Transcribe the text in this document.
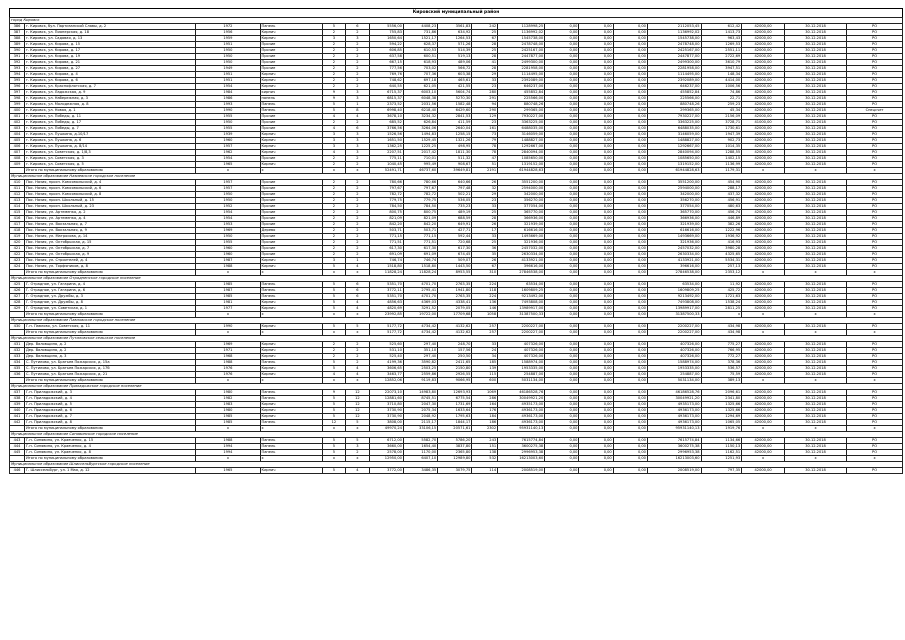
Кировский муниципальный район
город Кировск																		
386	г. Кировск, бул. Партизанской Славы, д. 2	1972	Панель	5	6	5556,00	4408,23	3561,83	242	1128998,25	0,00	0,00	0,00	2112053,45	612,42	42000,00	30.12.2018	РО
387	г. Кировск, ул. Пионерская, д. 18	1956	Кирпич	2	2	755,83	731,86	634,92	25	1136992,02	0,00	0,00	0,00	1136992,02	1413,73	42000,00	30.12.2018	РО
388	г. Кировск, ул. Садовая, д. 13	1959	Кирпич	3	3	1650,64	1521,17	1264,53	67	1545738,00	0,00	0,00	0,00	1545738,00	963,43	42000,00	30.12.2018	РО
389	г. Кировск, ул. Кирова, д. 15	1951	Прочие	2	2	594,22	628,37	571,26	28	2478748,00	0,00	0,00	0,00	2478748,00	1269,53	42000,00	30.12.2018	РО
390	г. Кировск, ул. Кирова, д. 17	1950	Прочие	2	2	606,85	610,53	514,39	25	2425167,00	0,00	0,00	0,00	2425167,00	2551,11	42000,00	30.12.2018	РО
391	г. Кировск, ул. Кирова, д. 19	1950	Прочие	2	2	637,58	600,51	519,13	28	2447877,00	0,00	0,00	0,00	2447877,00	2722,69	42000,00	30.12.2018	РО
392	г. Кировск, ул. Кирова, д. 21	1950	Прочие	2	2	667,15	618,93	489,06	41	2499300,00	0,00	0,00	0,00	2499300,00	3610,79	42000,00	30.12.2018	РО
393	г. Кировск, ул. Кирова, д. 27	1949	Прочие	2	2	777,56	703,02	566,72	28	2281958,00	0,00	0,00	0,00	2281958,00	3947,51	42000,00	30.12.2018	РО
394	г. Кировск, ул. Кирова, д. 4	1951	Кирпич	2	2	769,76	707,36	603,38	29	1114495,00	0,00	0,00	0,00	1114495,00	148,34	42000,00	30.12.2018	РО
395	г. Кировск, ул. Кирова, д. 6	1951	Кирпич	2	2	748,62	697,18	465,61	33	2392089,00	0,00	0,00	0,00	2392089,00	4414,00	42000,00	30.12.2018	РО
396	г. Кировск, ул. Краснофлотская, д. 7	1954	Кирпич	2	2	640,55	621,05	421,55	23	646237,00	0,00	0,00	0,00	646237,00	1006,56	42000,00	30.12.2018	РО
397	г. Кировск, ул. Ладожская, д. 9	1984	кирпич	9	3	6715,37	6003,10	5604,74	280	455852,84	0,00	0,00	0,00	455852,84	74,86	42000,00	30.12.2018	РО
398	г. Кировск, ул. Набережная, д. 3	1986	панель	9	3	6815,37	6048,38	5270,30	291	225566,00	0,00	0,00	0,00	225566,00	22,71	42000,00	30.12.2018	РО
399	г. Кировск, ул. Молодежная, д. 8	1993	Панель	5	1	2373,52	2031,56	1582,48	94	880748,26	0,00	0,00	0,00	880748,26	259,23	42000,00	30.12.2018	РО
400	г. Кировск, ул. Новая, д. 1	1990	Панель	5	8	6998,40	6218,40	6429,60	290	299365,00	0,00	0,00	0,00	299365,00	45,34	42000,00	30.12.2018	Спецсчет
401	г. Кировск, ул. Победы, д. 11	1955	Прочие	4	4	3678,10	3234,32	2841,53	129	7930227,00	0,00	0,00	0,00	7930227,00	2156,09	42000,00	30.12.2018	РО
402	г. Кировск, ул. Победы, д. 17	1950	Прочие	2	2	685,52	626,84	411,59	23	3363225,00	0,00	0,00	0,00	3363225,00	3728,71	41000,00	30.12.2018	РО
403	г. Кировск, ул. Победы, д. 7	1955	Прочие	4	6	3766,56	3264,06	2640,04	161	6488035,00	0,00	0,00	0,00	6488035,00	1730,61	42000,00	30.12.2018	РО
404	г. Кировск, ул. Пушкина, д.10/17	1939	Кирпич	3	3	1526,56	1494,83	1258,15	73	3146059,00	0,00	0,00	0,00	3146059,00	1947,39	42000,00	30.12.2018	РО
405	г. Кировск, ул. Пушкина, д. 6	1960	Кирпич	3	3	1651,50	1529,45	1321,26	79	1488827,00	0,00	0,00	0,00	1488827,00	902,73	42000,00	30.12.2018	РО
406	г. Кировск, ул. Пушкина, д. 8/14	1957	Кирпич	3	3	1362,25	1225,25	498,95	78	1292667,00	0,00	0,00	0,00	1292667,00	1014,35	42000,00	30.12.2018	РО
407	г. Кировск, ул. Советская, д. 1/8,3	1962	Кирпич	4	3	2207,51	2017,42	1811,30	78	2840094,00	0,00	0,00	0,00	2840094,00	1288,55	42000,00	30.12.2018	РО
408	г. Кировск, ул. Советская, д. 3	1954	Прочие	2	2	775,11	710,01	511,32	47	1085650,00	0,00	0,00	0,00	1085650,00	1402,15	42000,00	30.12.2018	РО
409	г. Кировск, ул. Советская, д. 5	1965	Кирпич	2	2	1040,45	995,49	908,67	51	1319152,00	0,00	0,00	0,00	1319152,00	1136,99	42000,00	30.12.2018	РО
	Итого по муниципальному образованию	x	x	x	x	52491,71	46737,60	39649,81	2191	61944828,63	0,00	0,00	0,00	61944828,63	1179,31	x	x	x
Муниципальное образование Назиевское городское поселение																		
410	Пос. Назия, просп. Комсомольский, д. 4	1957	Прочие	2	2	780,66	780,66	640,66	26	3551200,00	0,00	0,00	0,00	3551200,00	454,90	42000,00	30.12.2018	РО
411	Пос. Назия, просп. Комсомольский, д. 6	1957	Прочие	2	2	797,67	797,67	797,48	32	2594000,00	0,00	0,00	0,00	2594000,00	288,17	42000,00	30.12.2018	РО
412	Пос. Назия, просп. Комсомольский, д. 8	1950	Прочие	2	2	782,72	782,72	502,21	29	342000,00	0,00	0,00	0,00	342000,00	437,32	42000,00	30.12.2018	РО
413	Пос. Назия, просп. Школьный, д. 15	1950	Прочие	2	2	779,75	779,75	536,05	23	356270,00	0,00	0,00	0,00	356270,00	456,91	42000,00	30.12.2018	РО
414	Пос. Назия, просп. Школьный, д. 23	1952	Прочие	2	2	784,50	784,50	735,23	33	377054,00	0,00	0,00	0,00	377054,00	480,63	42000,00	30.12.2018	РО
415	Пос. Назия, ул. Артеменко, д. 2	1954	Прочие	2	2	800,75	800,75	489,19	25	365770,00	0,00	0,00	0,00	365770,00	456,74	42000,00	30.12.2018	РО
416	Пос. Назия, ул. Артеменко, д. 4	1954	Прочие	2	2	821,09	821,09	688,59	28	366936,00	0,00	0,00	0,00	366936,00	446,89	42000,00	30.12.2018	РО
417	Пос. Назия, ул. Вокзальная, д. 7	1953	Прочие	2	2	842,20	842,20	649,91	26	321939,00	0,00	0,00	0,00	321939,00	382,26	42000,00	30.12.2018	РО
418	Пос. Назия, ул. Вокзальная, д. 9	1969	Дерево	2	2	503,71	503,71	427,71	17	616616,00	0,00	0,00	0,00	616616,00	1222,96	42000,00	30.12.2018	РО
419	Пос. Назия, ул. Матросова, д. 14	1950	Прочие	2	2	771,15	771,15	592,44	33	1493669,00	0,00	0,00	0,00	1493669,00	1936,92	42000,00	30.12.2018	РО
420	Пос. Назия, ул. Октябрьская, д. 15	1955	Прочие	2	2	771,51	771,51	720,68	25	321936,00	0,00	0,00	0,00	321936,00	416,93	42000,00	30.12.2018	РО
421	Пос. Назия, ул. Октябрьская, д. 7	1960	Прочие	2	2	617,30	617,30	617,30	36	2457032,00	0,00	0,00	0,00	2457032,00	3980,28	42000,00	30.12.2018	РО
422	Пос. Назия, ул. Октябрьская, д. 9	1960	Прочие	2	2	691,09	691,09	674,45	35	2630334,00	0,00	0,00	0,00	2630334,00	4325,65	42000,00	30.12.2018	РО
423	Пос. Назия, ул. Строителей, д. 4	1987	Кирпич	3	1	746,74	746,74	509,07	26	4133921,00	0,00	0,00	0,00	4133921,00	5534,31	42000,00	30.12.2018	РО
424	Пос. Назия, ул. Торфяников, д. 8	1988	Кирпич	5	4	1518,80	1518,80	1443,50	67	396616,00	0,00	0,00	0,00	396616,00	257,13	42000,00	30.12.2018	РО
	Итого по муниципальному образованию	x	x	x	x	11828,24	11828,24	8953,55	310	27846538,00	0,00	0,00	0,00	27846538,00	2353,12	x	x	x
Муниципальное образование Отрадненское городское поселение																		
425	Г. Отрадное, ул. Гагарина, д. 4	1985	Панель	5	6	5351,70	4701,70	2763,35	224	63534,00	0,00	0,00	0,00	63534,00	11,92	42000,00	30.12.2018	РО
426	Г. Отрадное, ул. Гагарина, д. 6	1987	Панель	5	6	3772,11	2795,41	1941,80	118	1609809,25	0,00	0,00	0,00	1609809,25	425,72	42000,00	30.12.2018	РО
427	Г. Отрадное, ул. Дружбы, д. 3	1985	Панель	5	6	5351,70	4701,70	2763,35	224	9213492,00	0,00	0,00	0,00	9213492,00	1721,63	42000,00	30.12.2018	РО
428	Г. Отрадное, ул. Дружбы, д. 8	1981	Кирпич	5	4	4856,63	4369,03	4338,41	136	7493808,00	0,00	0,00	0,00	7493808,00	1538,24	42000,00	30.12.2018	РО
429	Г. Отрадное, ул. Советская, д. 1	1977	Кирпич	5	4	4820,69	3291,52	2079,05	146	13989917,00	0,00	0,00	0,00	13989917,00	2811,25	42000,00	30.12.2018	РО
	Итого по муниципальному образованию	x	x	x	x	23992,85	19722,00	17709,68	1058	31387500,33	0,00	0,00	0,00	31387500,33	x	x	x	x
Муниципальное образование Павловское городское поселение																		
430	Г.п. Павлово, ул. Советская, д. 11	1990	Кирпич	5	5	5177,72	4734,42	4132,62	257	2200227,00	0,00	0,00	0,00	2200227,00	434,98	42000,00	30.12.2018	РО
	Итого по муниципальному образованию	x	x	x	x	5177,72	4734,42	4132,62	257	2200227,00	0,00	0,00	0,00	2200227,00	434,98	x	x	x
Муниципальное образование Путиловское сельское поселение																		
431	Дер. Валовщина, д. 2	1969	Кирпич	2	2	525,60	297,40	248,70	33	407326,00	0,00	0,00	0,00	407326,00	775,27	42000,00	30.12.2018	РО
432	Дер. Валовщина, д. 2	1971	Кирпич	2	2	531,10	351,10	157,56	24	407326,00	0,00	0,00	0,00	407326,00	766,95	42000,00	30.12.2018	РО
433	Дер. Валовщина, д. 3	1968	Кирпич	2	2	525,40	297,40	250,50	34	407326,00	0,00	0,00	0,00	407326,00	772,27	42000,00	30.12.2018	РО
434	С. Путилово, ул. Братьев Пожарских, д. 15а	1988	Панель	5	2	4199,36	3590,82	2411,65	185	1588974,00	0,00	0,00	0,00	1588974,00	378,36	42000,00	30.12.2018	РО
435	С. Путилово, ул. Братьев Пожарских, д. 17б	1976	Кирпич	5	4	3606,65	2503,25	2150,80	139	1953335,00	0,00	0,00	0,00	1953335,00	536,57	42000,00	30.12.2018	РО
436	С. Путилово, ул. Братьев Пожарских, д. 21	1976	Кирпич	4	4	3463,77	2559,86	2926,55	115	254887,00	0,00	0,00	0,00	254887,00	75,59	42000,00	30.12.2018	РО
	Итого по муниципальному образованию	x	x	x	x	12852,06	9119,83	9066,95	600	5031134,00	0,00	0,00	0,00	5031134,00	389,13	x	x	x
Муниципальное образование Приладожское городское поселение																		
437	Г.п. Приладожский, д. 3	1980	Панель	9	12	22073,10	14983,80	12693,93	1069	46186528,76	0,00	0,00	0,00	46186528,76	2096,61	42000,00	30.12.2018	РО
438	Г.п. Приладожский, д. 4	1982	Панель	5	12	12881,60	8745,51	6775,54	286	30049921,20	0,00	0,00	0,00	30049921,20	2341,80	42000,00	30.12.2018	РО
439	Г.п. Приладожский, д. 5	1983	Кирпич	5	12	3710,80	2047,30	1731,69	164	4935173,00	0,00	0,00	0,00	4935173,00	1325,66	42000,00	30.12.2018	РО
440	Г.п. Приладожский, д. 6	1980	Кирпич	5	12	3730,90	2075,34	1633,64	176	4936173,00	0,00	0,00	0,00	4936173,00	1325,66	42000,00	30.12.2018	РО
441	Г.п. Приладожский, д. 7	1985	Кирпич	5	12	3730,90	2048,92	1795,63	184	4936173,00	0,00	0,00	0,00	4936173,00	1294,69	42000,00	30.12.2018	РО
442	Г.п. Приладожский, д. 8	1985	Панель	12	5	3808,00	2115,17	1844,17	186	4936173,00	0,00	0,00	0,00	4936173,00	1065,05	42000,00	30.12.2018	РО
	Итого по муниципальному образованию	x	x	x	x	49970,24	33106,15	20571,61	2302	95931140,13	0,00	0,00	0,00	95931140,13	1919,76	x	x	x
Муниципальное образование Синявинское городское поселение																		
443	Г.п. Синявино, ул. Кравченко, д. 15	1988	Панель	5	5	6712,00	5582,70	5786,20	243	7615774,84	0,00	0,00	0,00	7615774,84	1134,66	42000,00	30.12.2018	РО
444	Г.п. Синявино, ул. Кравченко, д. 4	1994	Панель	5	3	3660,00	1654,40	3837,80	151	3600275,38	0,00	0,00	0,00	3600275,38	1150,13	42000,00	30.12.2018	РО
445	Г.п. Синявино, ул. Кравченко, д. 8	1994	Панель	5	2	2578,00	1170,00	2365,80	138	2996953,38	0,00	0,00	0,00	2996953,38	1162,51	42000,00	30.12.2018	РО
	Итого по муниципальному образованию	x	x	x	x	12950,00	6407,10	12989,80	532	16213003,60	0,00	0,00	0,00	16213003,60	1251,93	x	x	x
Муниципальное образование Шлиссельбургское городское поселение																		
446	Г. Шлиссельбург, ул. 1 Мая, д. 12	1965	Кирпич	5	4	3772,00	3486,35	3079,75	114	2008519,00	0,00	0,00	0,00	2008519,00	797,35	42000,00	30.12.2018	РО
